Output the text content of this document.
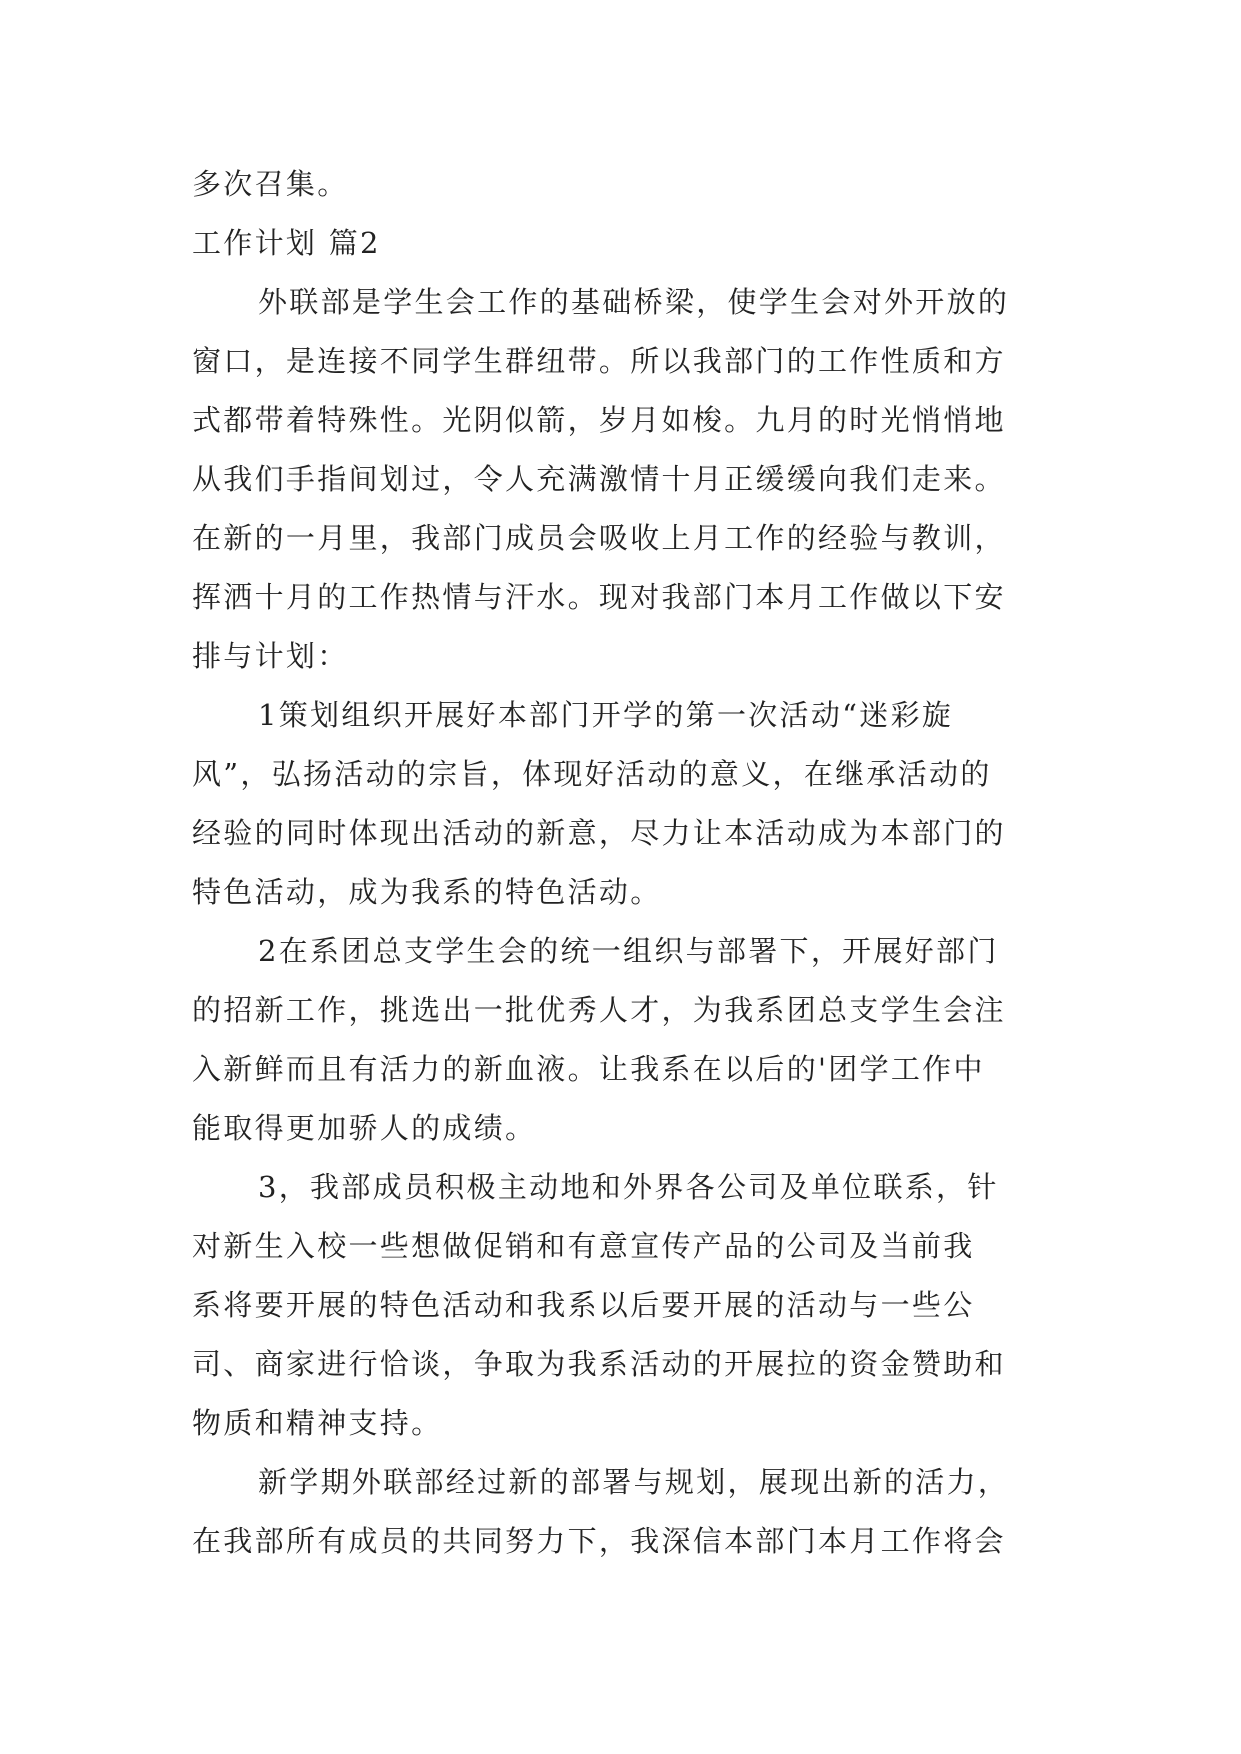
多次召集。
工作计划 篇2
外联部是学生会工作的基础桥梁，使学生会对外开放的
窗口，是连接不同学生群纽带。所以我部门的工作性质和方
式都带着特殊性。光阴似箭，岁月如梭。九月的时光悄悄地
从我们手指间划过，令人充满激情十月正缓缓向我们走来。
在新的一月里，我部门成员会吸收上月工作的经验与教训，
挥洒十月的工作热情与汗水。现对我部门本月工作做以下安
排与计划：
1策划组织开展好本部门开学的第一次活动“迷彩旋
风”，弘扬活动的宗旨，体现好活动的意义，在继承活动的
经验的同时体现出活动的新意，尽力让本活动成为本部门的
特色活动，成为我系的特色活动。
2在系团总支学生会的统一组织与部署下，开展好部门
的招新工作，挑选出一批优秀人才，为我系团总支学生会注
入新鲜而且有活力的新血液。让我系在以后的'团学工作中
能取得更加骄人的成绩。
3，我部成员积极主动地和外界各公司及单位联系，针
对新生入校一些想做促销和有意宣传产品的公司及当前我
系将要开展的特色活动和我系以后要开展的活动与一些公
司、商家进行恰谈，争取为我系活动的开展拉的资金赞助和
物质和精神支持。
新学期外联部经过新的部署与规划，展现出新的活力，
在我部所有成员的共同努力下，我深信本部门本月工作将会
